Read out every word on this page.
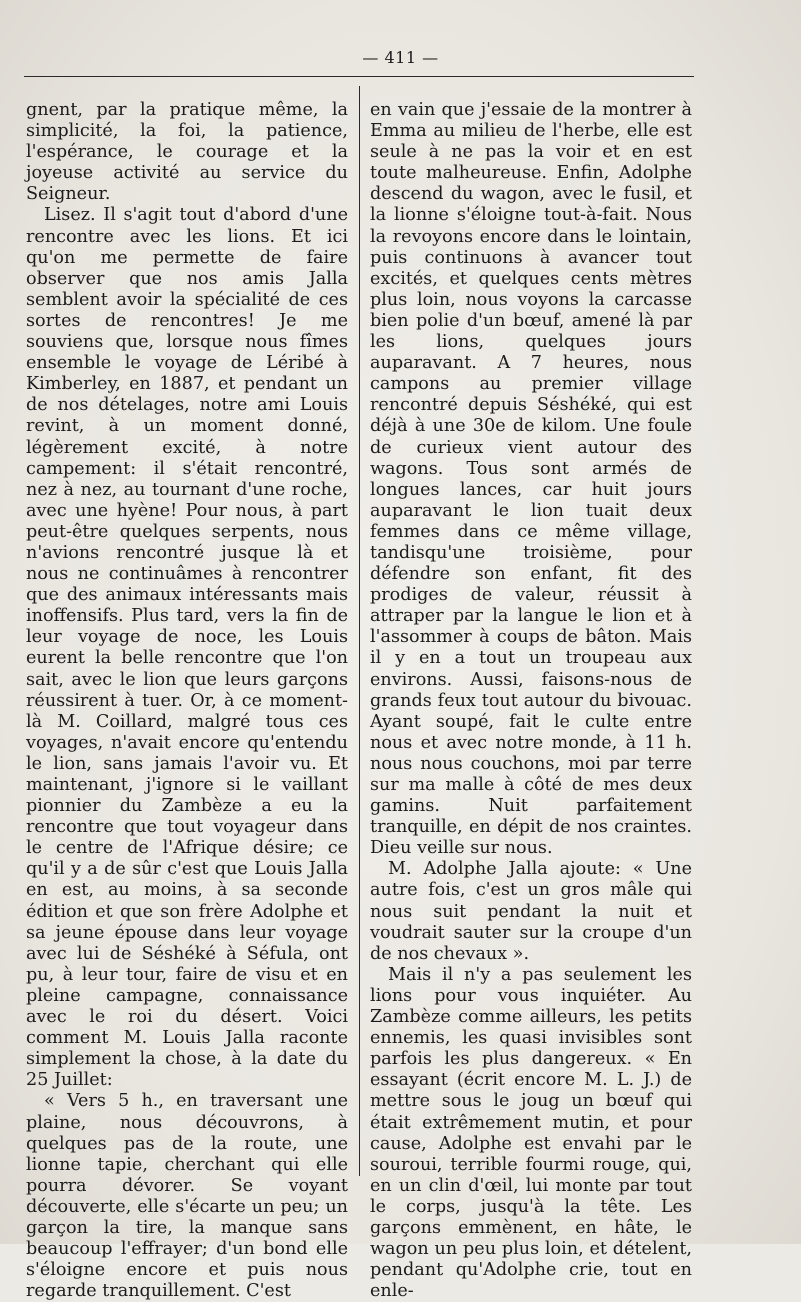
— 411 —

gnent, par la pratique même, la simplicité, la foi, la patience, l'espérance, le courage et la joyeuse activité au service du Seigneur.

Lisez. Il s'agit tout d'abord d'une rencontre avec les lions. Et ici qu'on me permette de faire observer que nos amis Jalla semblent avoir la spécialité de ces sortes de rencontres! Je me souviens que, lorsque nous fîmes ensemble le voyage de Léribé à Kimberley, en 1887, et pendant un de nos dételages, notre ami Louis revint, à un moment donné, légèrement excité, à notre campement: il s'était rencontré, nez à nez, au tournant d'une roche, avec une hyène! Pour nous, à part peut-être quelques serpents, nous n'avions rencontré jusque là et nous ne continuâmes à rencontrer que des animaux intéressants mais inoffensifs. Plus tard, vers la fin de leur voyage de noce, les Louis eurent la belle rencontre que l'on sait, avec le lion que leurs garçons réussirent à tuer. Or, à ce moment-là M. Coillard, malgré tous ces voyages, n'avait encore qu'entendu le lion, sans jamais l'avoir vu. Et maintenant, j'ignore si le vaillant pionnier du Zambèze a eu la rencontre que tout voyageur dans le centre de l'Afrique désire; ce qu'il y a de sûr c'est que Louis Jalla en est, au moins, à sa seconde édition et que son frère Adolphe et sa jeune épouse dans leur voyage avec lui de Séshéké à Séfula, ont pu, à leur tour, faire de visu et en pleine campagne, connaissance avec le roi du désert. Voici comment M. Louis Jalla raconte simplement la chose, à la date du 25 Juillet:

« Vers 5 h., en traversant une plaine, nous découvrons, à quelques pas de la route, une lionne tapie, cherchant qui elle pourra dévorer. Se voyant découverte, elle s'écarte un peu; un garçon la tire, la manque sans beaucoup l'effrayer; d'un bond elle s'éloigne encore et puis nous regarde tranquillement. C'est

en vain que j'essaie de la montrer à Emma au milieu de l'herbe, elle est seule à ne pas la voir et en est toute malheureuse. Enfin, Adolphe descend du wagon, avec le fusil, et la lionne s'éloigne tout-à-fait. Nous la revoyons encore dans le lointain, puis continuons à avancer tout excités, et quelques cents mètres plus loin, nous voyons la carcasse bien polie d'un bœuf, amené là par les lions, quelques jours auparavant. A 7 heures, nous campons au premier village rencontré depuis Séshéké, qui est déjà à une 30e de kilom. Une foule de curieux vient autour des wagons. Tous sont armés de longues lances, car huit jours auparavant le lion tuait deux femmes dans ce même village, tandisqu'une troisième, pour défendre son enfant, fit des prodiges de valeur, réussit à attraper par la langue le lion et à l'assommer à coups de bâton. Mais il y en a tout un troupeau aux environs. Aussi, faisons-nous de grands feux tout autour du bivouac. Ayant soupé, fait le culte entre nous et avec notre monde, à 11 h. nous nous couchons, moi par terre sur ma malle à côté de mes deux gamins. Nuit parfaitement tranquille, en dépit de nos craintes. Dieu veille sur nous.

M. Adolphe Jalla ajoute: « Une autre fois, c'est un gros mâle qui nous suit pendant la nuit et voudrait sauter sur la croupe d'un de nos chevaux ».

Mais il n'y a pas seulement les lions pour vous inquiéter. Au Zambèze comme ailleurs, les petits ennemis, les quasi invisibles sont parfois les plus dangereux. « En essayant (écrit encore M. L. J.) de mettre sous le joug un bœuf qui était extrêmement mutin, et pour cause, Adolphe est envahi par le souroui, terrible fourmi rouge, qui, en un clin d'œil, lui monte par tout le corps, jusqu'à la tête. Les garçons emmènent, en hâte, le wagon un peu plus loin, et dételent, pendant qu'Adolphe crie, tout en enle-
